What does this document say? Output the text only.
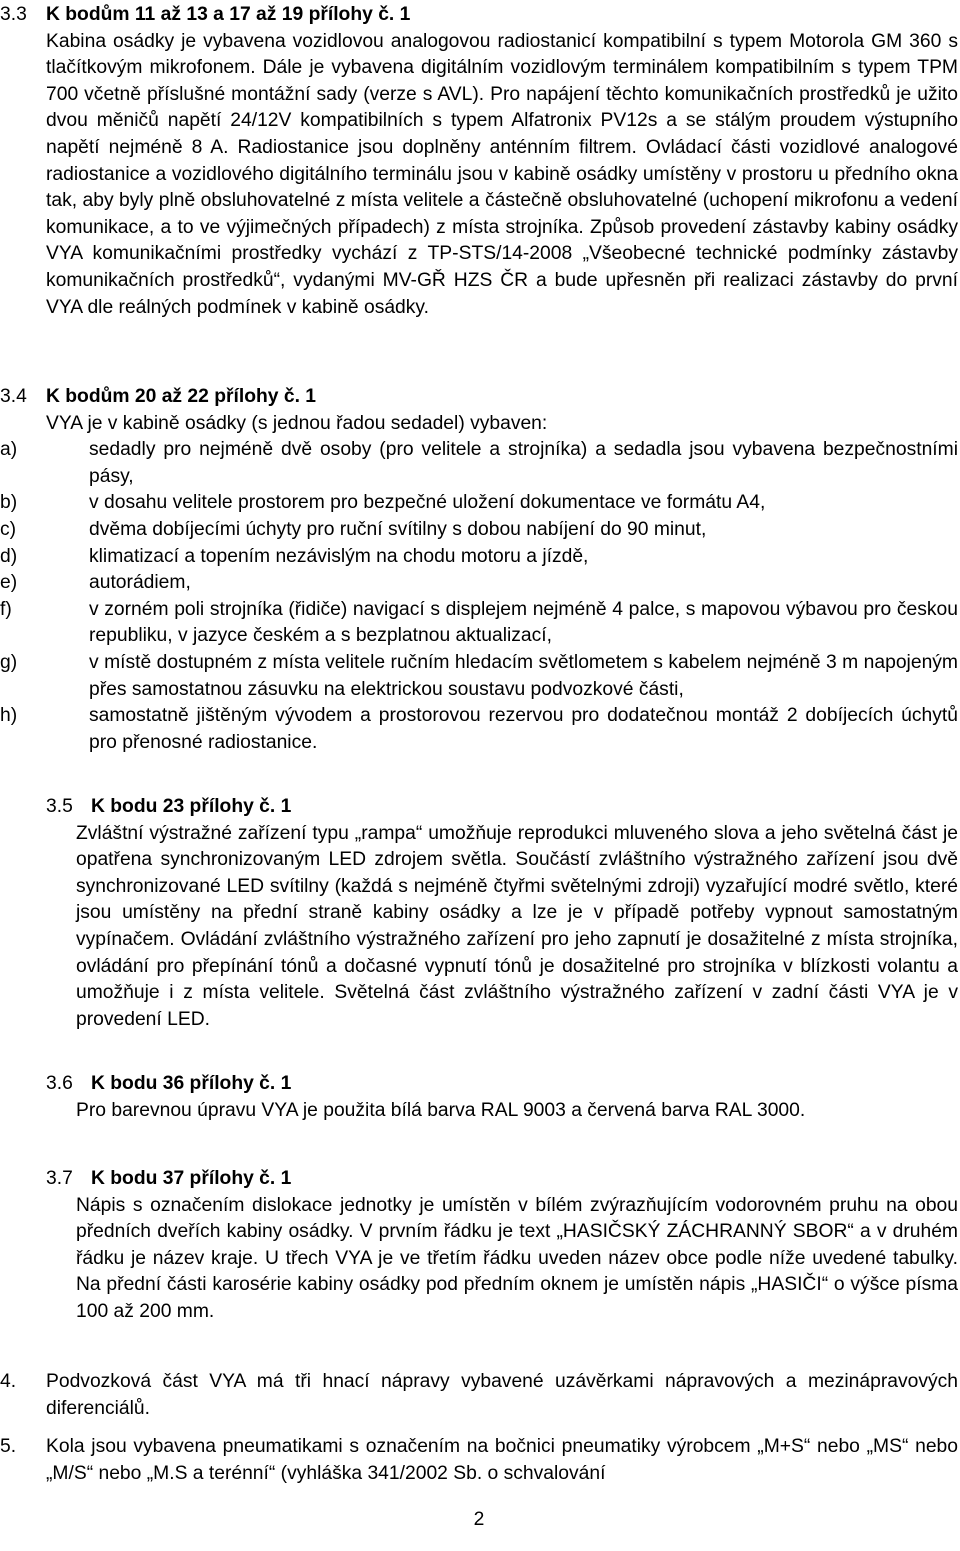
3.3 K bodům 11 až 13 a 17 až 19 přílohy č. 1
Kabina osádky je vybavena vozidlovou analogovou radiostanicí kompatibilní s typem Motorola GM 360 s tlačítkovým mikrofonem. Dále je vybavena digitálním vozidlovým terminálem kompatibilním s typem TPM 700 včetně příslušné montážní sady (verze s AVL). Pro napájení těchto komunikačních prostředků je užito dvou měničů napětí 24/12V kompatibilních s typem Alfatronix PV12s a se stálým proudem výstupního napětí nejméně 8 A. Radiostanice jsou doplněny anténním filtrem. Ovládací části vozidlové analogové radiostanice a vozidlového digitálního terminálu jsou v kabině osádky umístěny v prostoru u předního okna tak, aby byly plně obsluhovatelné z místa velitele a částečně obsluhovatelné (uchopení mikrofonu a vedení komunikace, a to ve výjimečných případech) z místa strojníka. Způsob provedení zástavby kabiny osádky VYA komunikačními prostředky vychází z TP-STS/14-2008 „Všeobecné technické podmínky zástavby komunikačních prostředků“, vydanými MV-GŘ HZS ČR a bude upřesněn při realizaci zástavby do první VYA dle reálných podmínek v kabině osádky.
3.4 K bodům 20 až 22 přílohy č. 1
VYA je v kabině osádky (s jednou řadou sedadel) vybaven:
a)	sedadly pro nejméně dvě osoby (pro velitele a strojníka) a sedadla jsou vybavena bezpečnostními pásy,
b)	v dosahu velitele prostorem pro bezpečné uložení dokumentace ve formátu A4,
c)	dvěma dobíjecími úchyty pro ruční svítilny s dobou nabíjení do 90 minut,
d)	klimatizací a topením nezávislým na chodu motoru a jízdě,
e)	autorádiem,
f)	v zorném poli strojníka (řidiče) navigací s displejem nejméně 4 palce, s mapovou výbavou pro českou republiku, v jazyce českém a s bezplatnou aktualizací,
g)	v místě dostupném z místa velitele ručním hledacím světlometem s kabelem nejméně 3 m napojeným přes samostatnou zásuvku na elektrickou soustavu podvozkové části,
h)	samostatně jištěným vývodem a prostorovou rezervou pro dodatečnou montáž 2 dobíjecích úchytů pro přenosné radiostanice.
3.5 K bodu 23 přílohy č. 1
Zvláštní výstražné zařízení typu „rampa“ umožňuje reprodukci mluveného slova a jeho světelná část je opatřena synchronizovaným LED zdrojem světla. Součástí zvláštního výstražného zařízení jsou dvě synchronizované LED svítilny (každá s nejméně čtyřmi světelnými zdroji) vyzařující modré světlo, které jsou umístěny na přední straně kabiny osádky a lze je v případě potřeby vypnout samostatným vypínačem. Ovládání zvláštního výstražného zařízení pro jeho zapnutí je dosažitelné z místa strojníka, ovládání pro přepínání tónů a dočasné vypnutí tónů je dosažitelné pro strojníka v blízkosti volantu a umožňuje i z místa velitele. Světelná část zvláštního výstražného zařízení v zadní části VYA je v provedení LED.
3.6 K bodu 36 přílohy č. 1
Pro barevnou úpravu VYA je použita bílá barva RAL 9003 a červená barva RAL 3000.
3.7 K bodu 37 přílohy č. 1
Nápis s označením dislokace jednotky je umístěn v bílém zvýrazňujícím vodorovném pruhu na obou předních dveřích kabiny osádky. V prvním řádku je text „HASIČSKÝ ZÁCHRANNÝ SBOR“ a v druhém řádku je název kraje. U třech VYA je ve třetím řádku uveden název obce podle níže uvedené tabulky. Na přední části karosérie kabiny osádky pod předním oknem je umístěn nápis „HASIČI“ o výšce písma 100 až 200 mm.
4.	Podvozková část VYA má tři hnací nápravy vybavené uzávěrkami nápravových a mezinápravových diferenciálů.
5.	Kola jsou vybavena pneumatikami s označením na bočnici pneumatiky výrobcem „M+S“ nebo „MS“ nebo „M/S“ nebo „M.S a terénní“ (vyhláška 341/2002 Sb. o schvalování
2
